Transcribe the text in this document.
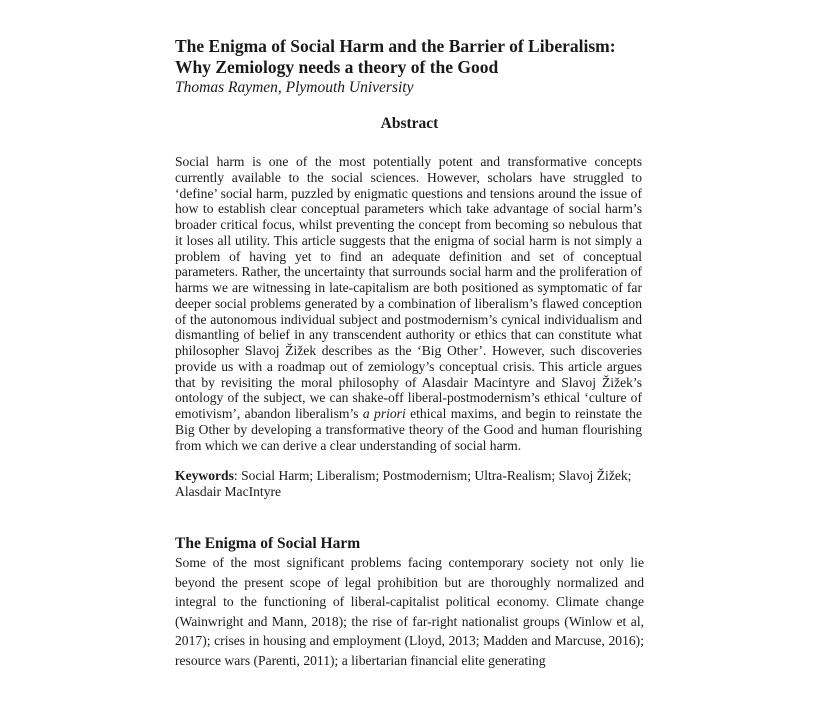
The Enigma of Social Harm and the Barrier of Liberalism:
Why Zemiology needs a theory of the Good

Thomas Raymen, Plymouth University

Abstract

Social harm is one of the most potentially potent and transformative concepts currently available to the social sciences. However, scholars have struggled to ‘define’ social harm, puzzled by enigmatic questions and tensions around the issue of how to establish clear conceptual parameters which take advantage of social harm’s broader critical focus, whilst preventing the concept from becoming so nebulous that it loses all utility. This article suggests that the enigma of social harm is not simply a problem of having yet to find an adequate definition and set of conceptual parameters. Rather, the uncertainty that surrounds social harm and the proliferation of harms we are witnessing in late-capitalism are both positioned as symptomatic of far deeper social problems generated by a combination of liberalism’s flawed conception of the autonomous individual subject and postmodernism’s cynical individualism and dismantling of belief in any transcendent authority or ethics that can constitute what philosopher Slavoj Žižek describes as the ‘Big Other’. However, such discoveries provide us with a roadmap out of zemiology’s conceptual crisis. This article argues that by revisiting the moral philosophy of Alasdair Macintyre and Slavoj Žižek’s ontology of the subject, we can shake-off liberal-postmodernism’s ethical ‘culture of emotivism’, abandon liberalism’s a priori ethical maxims, and begin to reinstate the Big Other by developing a transformative theory of the Good and human flourishing from which we can derive a clear understanding of social harm.

Keywords: Social Harm; Liberalism; Postmodernism; Ultra-Realism; Slavoj Žižek; Alasdair MacIntyre

The Enigma of Social Harm

Some of the most significant problems facing contemporary society not only lie beyond the present scope of legal prohibition but are thoroughly normalized and integral to the functioning of liberal-capitalist political economy. Climate change (Wainwright and Mann, 2018); the rise of far-right nationalist groups (Winlow et al, 2017); crises in housing and employment (Lloyd, 2013; Madden and Marcuse, 2016); resource wars (Parenti, 2011); a libertarian financial elite generating
